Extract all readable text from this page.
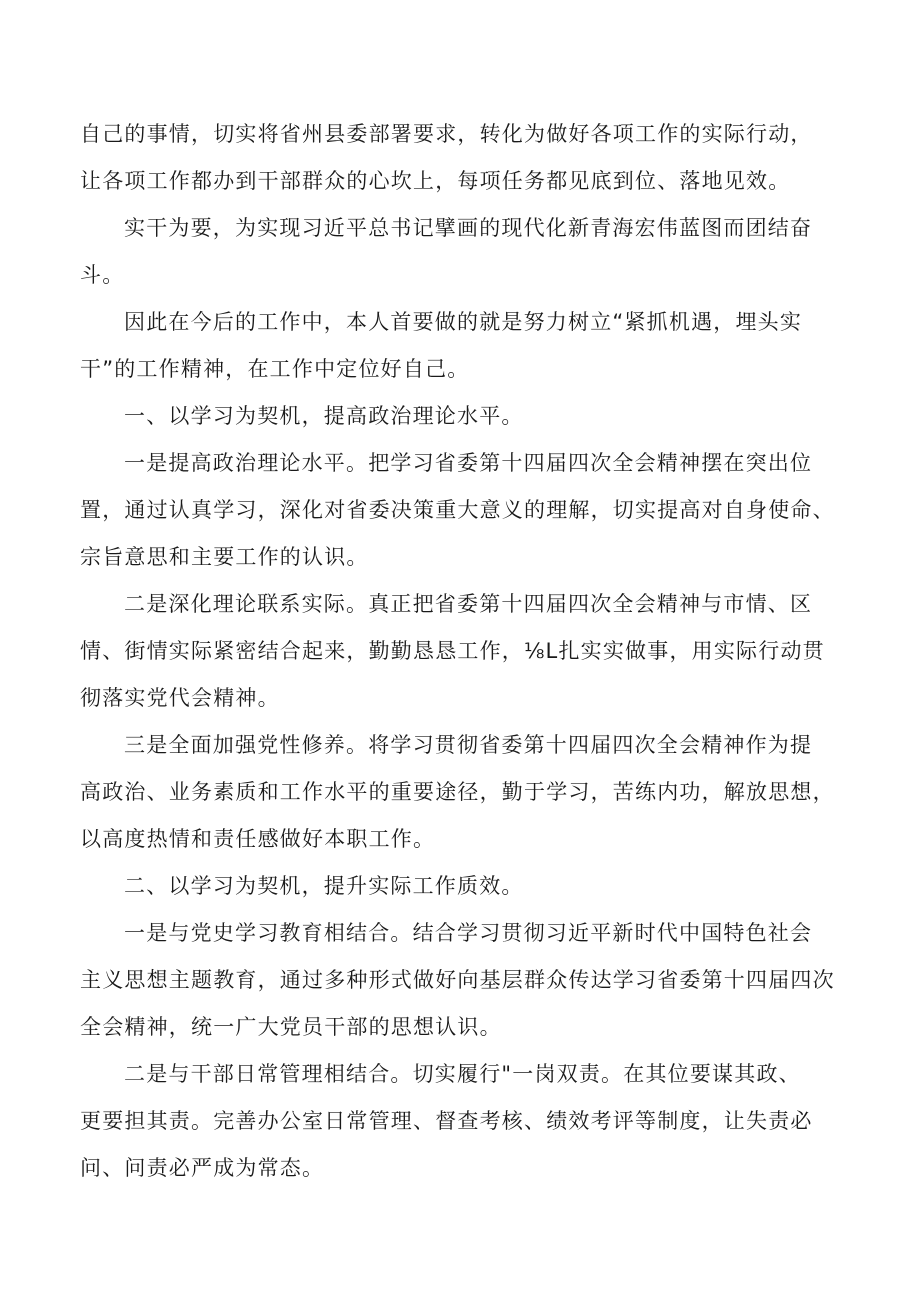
自己的事情，切实将省州县委部署要求，转化为做好各项工作的实际行动，
让各项工作都办到干部群众的心坎上，每项任务都见底到位、落地见效。
实干为要，为实现习近平总书记擘画的现代化新青海宏伟蓝图而团结奋
斗。
因此在今后的工作中，本人首要做的就是努力树立“紧抓机遇，埋头实
干”的工作精神，在工作中定位好自己。
一、以学习为契机，提高政治理论水平。
一是提高政治理论水平。把学习省委第十四届四次全会精神摆在突出位
置，通过认真学习，深化对省委决策重大意义的理解，切实提高对自身使命、
宗旨意思和主要工作的认识。
二是深化理论联系实际。真正把省委第十四届四次全会精神与市情、区
情、街情实际紧密结合起来，勤勤恳恳工作，⅛L扎实实做事，用实际行动贯
彻落实党代会精神。
三是全面加强党性修养。将学习贯彻省委第十四届四次全会精神作为提
高政治、业务素质和工作水平的重要途径，勤于学习，苦练内功，解放思想，
以高度热情和责任感做好本职工作。
二、以学习为契机，提升实际工作质效。
一是与党史学习教育相结合。结合学习贯彻习近平新时代中国特色社会
主义思想主题教育，通过多种形式做好向基层群众传达学习省委第十四届四次
全会精神，统一广大党员干部的思想认识。
二是与干部日常管理相结合。切实履行"一岗双责。在其位要谋其政、
更要担其责。完善办公室日常管理、督查考核、绩效考评等制度，让失责必
问、问责必严成为常态。
